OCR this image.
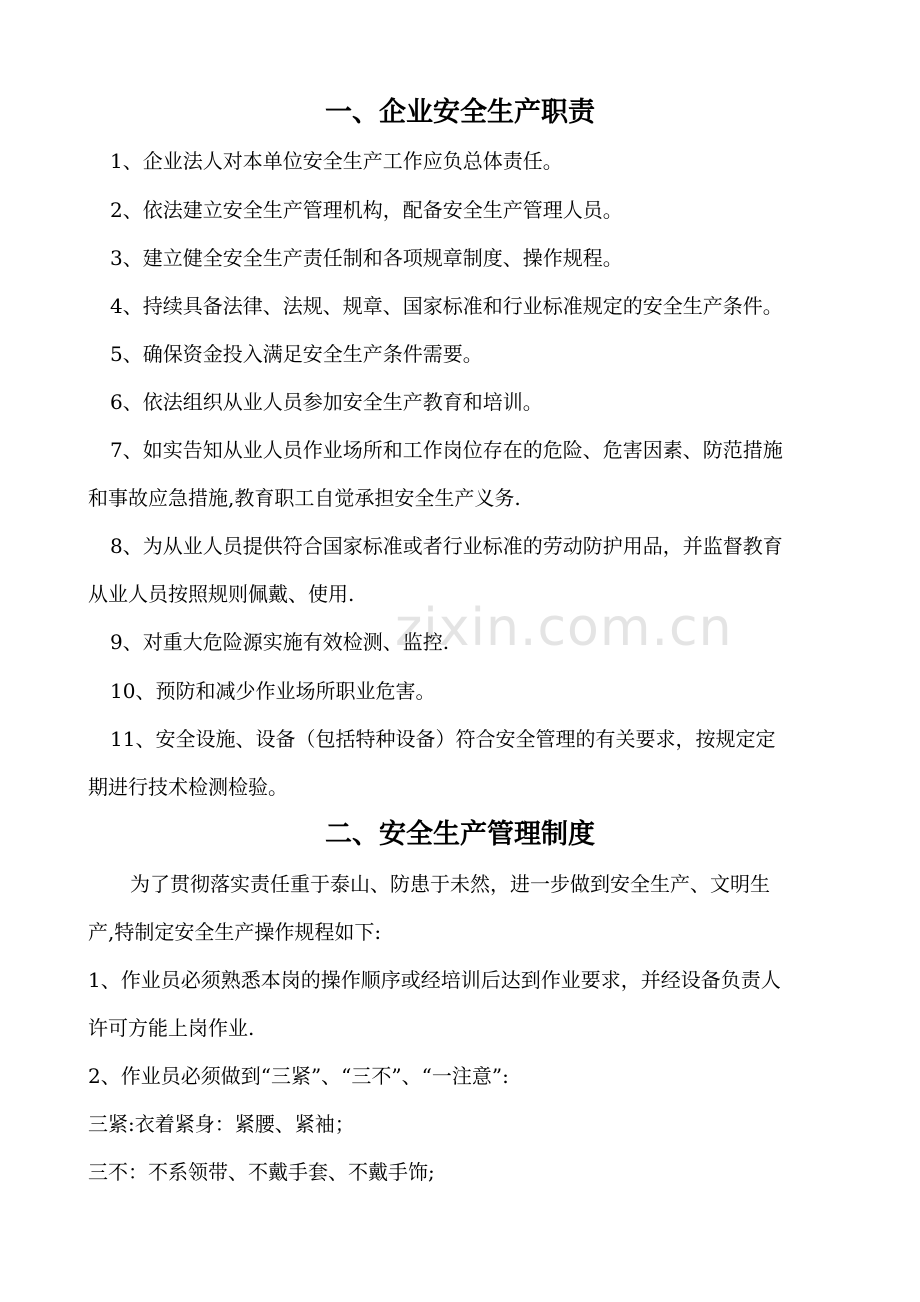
zixin.com.cn
一、企业安全生产职责
1、企业法人对本单位安全生产工作应负总体责任。
2、依法建立安全生产管理机构，配备安全生产管理人员。
3、建立健全安全生产责任制和各项规章制度、操作规程。
4、持续具备法律、法规、规章、国家标准和行业标准规定的安全生产条件。
5、确保资金投入满足安全生产条件需要。
6、依法组织从业人员参加安全生产教育和培训。
7、如实告知从业人员作业场所和工作岗位存在的危险、危害因素、防范措施
和事故应急措施,教育职工自觉承担安全生产义务.
8、为从业人员提供符合国家标准或者行业标准的劳动防护用品，并监督教育
从业人员按照规则佩戴、使用.
9、对重大危险源实施有效检测、监控.
10、预防和减少作业场所职业危害。
11、安全设施、设备（包括特种设备）符合安全管理的有关要求，按规定定
期进行技术检测检验。
二、安全生产管理制度
为了贯彻落实责任重于泰山、防患于未然，进一步做到安全生产、文明生
产,特制定安全生产操作规程如下:
1、作业员必须熟悉本岗的操作顺序或经培训后达到作业要求，并经设备负责人
许可方能上岗作业.
2、作业员必须做到“三紧”、“三不”、“一注意”:
三紧:衣着紧身：紧腰、紧袖；
三不：不系领带、不戴手套、不戴手饰;
